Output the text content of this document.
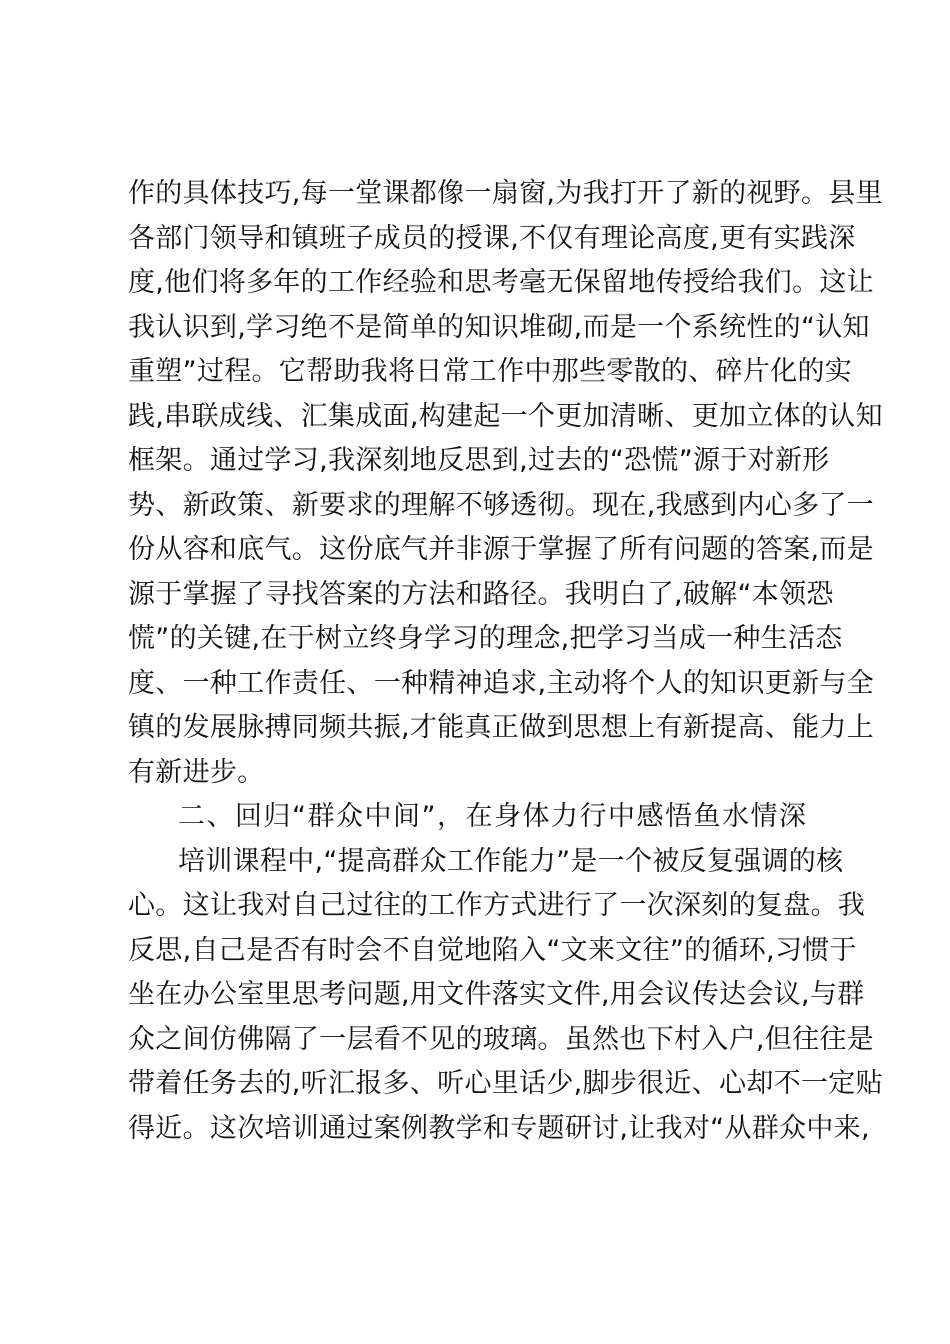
作的具体技巧,每一堂课都像一扇窗,为我打开了新的视野。县里
各部门领导和镇班子成员的授课,不仅有理论高度,更有实践深
度,他们将多年的工作经验和思考毫无保留地传授给我们。这让
我认识到,学习绝不是简单的知识堆砌,而是一个系统性的“认知
重塑”过程。它帮助我将日常工作中那些零散的、碎片化的实
践,串联成线、汇集成面,构建起一个更加清晰、更加立体的认知
框架。通过学习,我深刻地反思到,过去的“恐慌”源于对新形
势、新政策、新要求的理解不够透彻。现在,我感到内心多了一
份从容和底气。这份底气并非源于掌握了所有问题的答案,而是
源于掌握了寻找答案的方法和路径。我明白了,破解“本领恐
慌”的关键,在于树立终身学习的理念,把学习当成一种生活态
度、一种工作责任、一种精神追求,主动将个人的知识更新与全
镇的发展脉搏同频共振,才能真正做到思想上有新提高、能力上
有新进步。
二、回归“群众中间”，在身体力行中感悟鱼水情深
培训课程中,“提高群众工作能力”是一个被反复强调的核
心。这让我对自己过往的工作方式进行了一次深刻的复盘。我
反思,自己是否有时会不自觉地陷入“文来文往”的循环,习惯于
坐在办公室里思考问题,用文件落实文件,用会议传达会议,与群
众之间仿佛隔了一层看不见的玻璃。虽然也下村入户,但往往是
带着任务去的,听汇报多、听心里话少,脚步很近、心却不一定贴
得近。这次培训通过案例教学和专题研讨,让我对“从群众中来,
